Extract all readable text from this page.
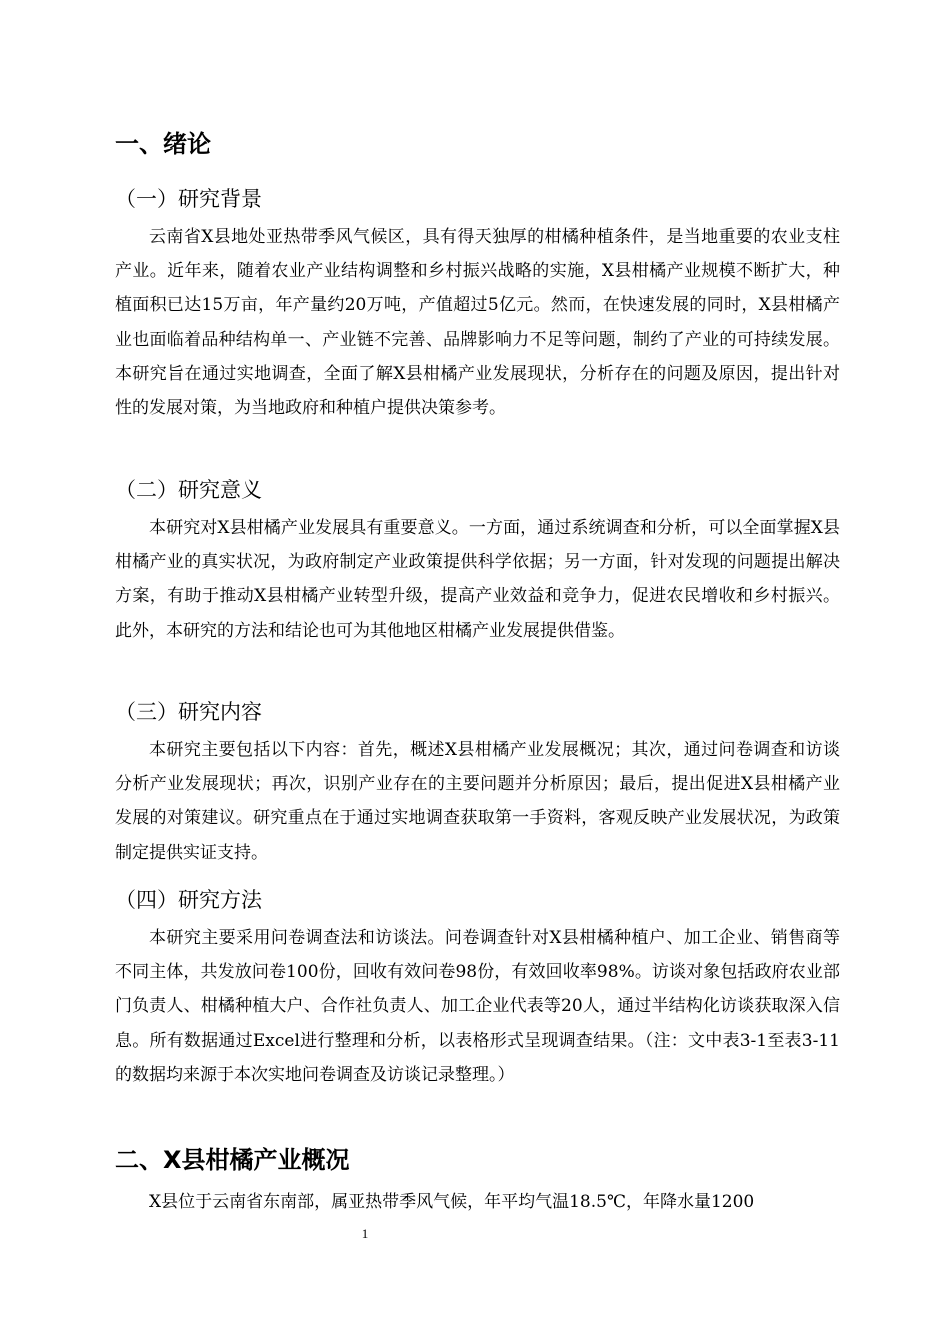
一、绪论
（一）研究背景

云南省X县地处亚热带季风气候区，具有得天独厚的柑橘种植条件，是当地重要的农业支柱产业。近年来，随着农业产业结构调整和乡村振兴战略的实施，X县柑橘产业规模不断扩大，种植面积已达15万亩，年产量约20万吨，产值超过5亿元。然而，在快速发展的同时，X县柑橘产业也面临着品种结构单一、产业链不完善、品牌影响力不足等问题，制约了产业的可持续发展。本研究旨在通过实地调查，全面了解X县柑橘产业发展现状，分析存在的问题及原因，提出针对性的发展对策，为当地政府和种植户提供决策参考。

（二）研究意义

本研究对X县柑橘产业发展具有重要意义。一方面，通过系统调查和分析，可以全面掌握X县柑橘产业的真实状况，为政府制定产业政策提供科学依据；另一方面，针对发现的问题提出解决方案，有助于推动X县柑橘产业转型升级，提高产业效益和竞争力，促进农民增收和乡村振兴。此外，本研究的方法和结论也可为其他地区柑橘产业发展提供借鉴。

（三）研究内容

本研究主要包括以下内容：首先，概述X县柑橘产业发展概况；其次，通过问卷调查和访谈分析产业发展现状；再次，识别产业存在的主要问题并分析原因；最后，提出促进X县柑橘产业发展的对策建议。研究重点在于通过实地调查获取第一手资料，客观反映产业发展状况，为政策制定提供实证支持。

（四）研究方法

本研究主要采用问卷调查法和访谈法。问卷调查针对X县柑橘种植户、加工企业、销售商等不同主体，共发放问卷100份，回收有效问卷98份，有效回收率98%。访谈对象包括政府农业部门负责人、柑橘种植大户、合作社负责人、加工企业代表等20人，通过半结构化访谈获取深入信息。所有数据通过Excel进行整理和分析，以表格形式呈现调查结果。（注：文中表3-1至表3-11的数据均来源于本次实地问卷调查及访谈记录整理。）

二、X县柑橘产业概况

X县位于云南省东南部，属亚热带季风气候，年平均气温18.5℃，年降水量1200

1
